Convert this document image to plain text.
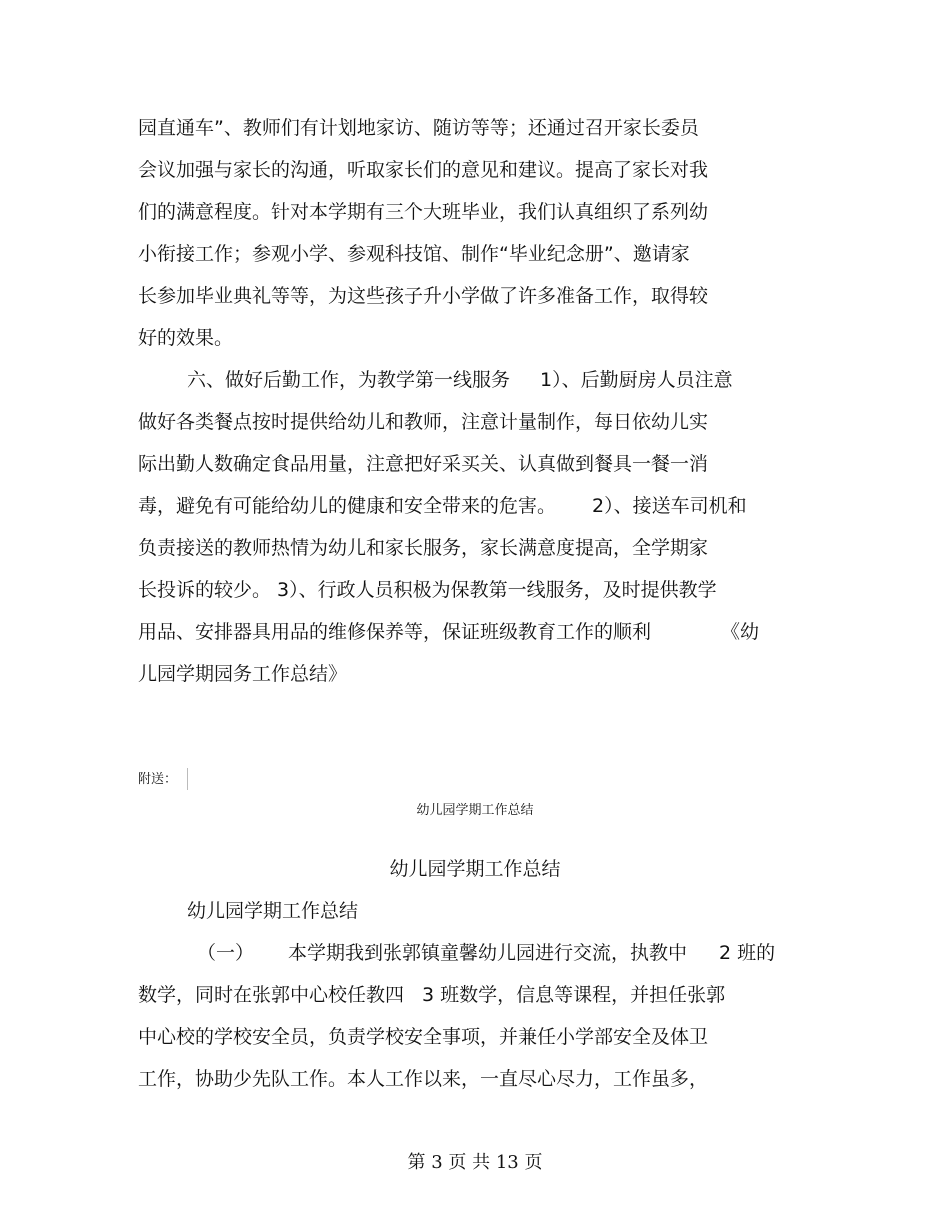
园直通车”、教师们有计划地家访、随访等等；还通过召开家长委员
会议加强与家长的沟通，听取家长们的意见和建议。提高了家长对我
们的满意程度。针对本学期有三个大班毕业，我们认真组织了系列幼
小衔接工作；参观小学、参观科技馆、制作“毕业纪念册”、邀请家
长参加毕业典礼等等，为这些孩子升小学做了许多准备工作，取得较
好的效果。
六、做好后勤工作，为教学第一线服务 1）、后勤厨房人员注意
做好各类餐点按时提供给幼儿和教师，注意计量制作，每日依幼儿实
际出勤人数确定食品用量，注意把好采买关、认真做到餐具一餐一消
毒，避免有可能给幼儿的健康和安全带来的危害。 2）、接送车司机和
负责接送的教师热情为幼儿和家长服务，家长满意度提高，全学期家
长投诉的较少。 3）、行政人员积极为保教第一线服务，及时提供教学
用品、安排器具用品的维修保养等，保证班级教育工作的顺利	《幼
儿园学期园务工作总结》
附送：
幼儿园学期工作总结
幼儿园学期工作总结
幼儿园学期工作总结
（一） 本学期我到张郭镇童馨幼儿园进行交流，执教中 2 班的
数学，同时在张郭中心校任教四 3 班数学，信息等课程，并担任张郭
中心校的学校安全员，负责学校安全事项，并兼任小学部安全及体卫
工作，协助少先队工作。本人工作以来，一直尽心尽力，工作虽多，
第 3 页 共 13 页
